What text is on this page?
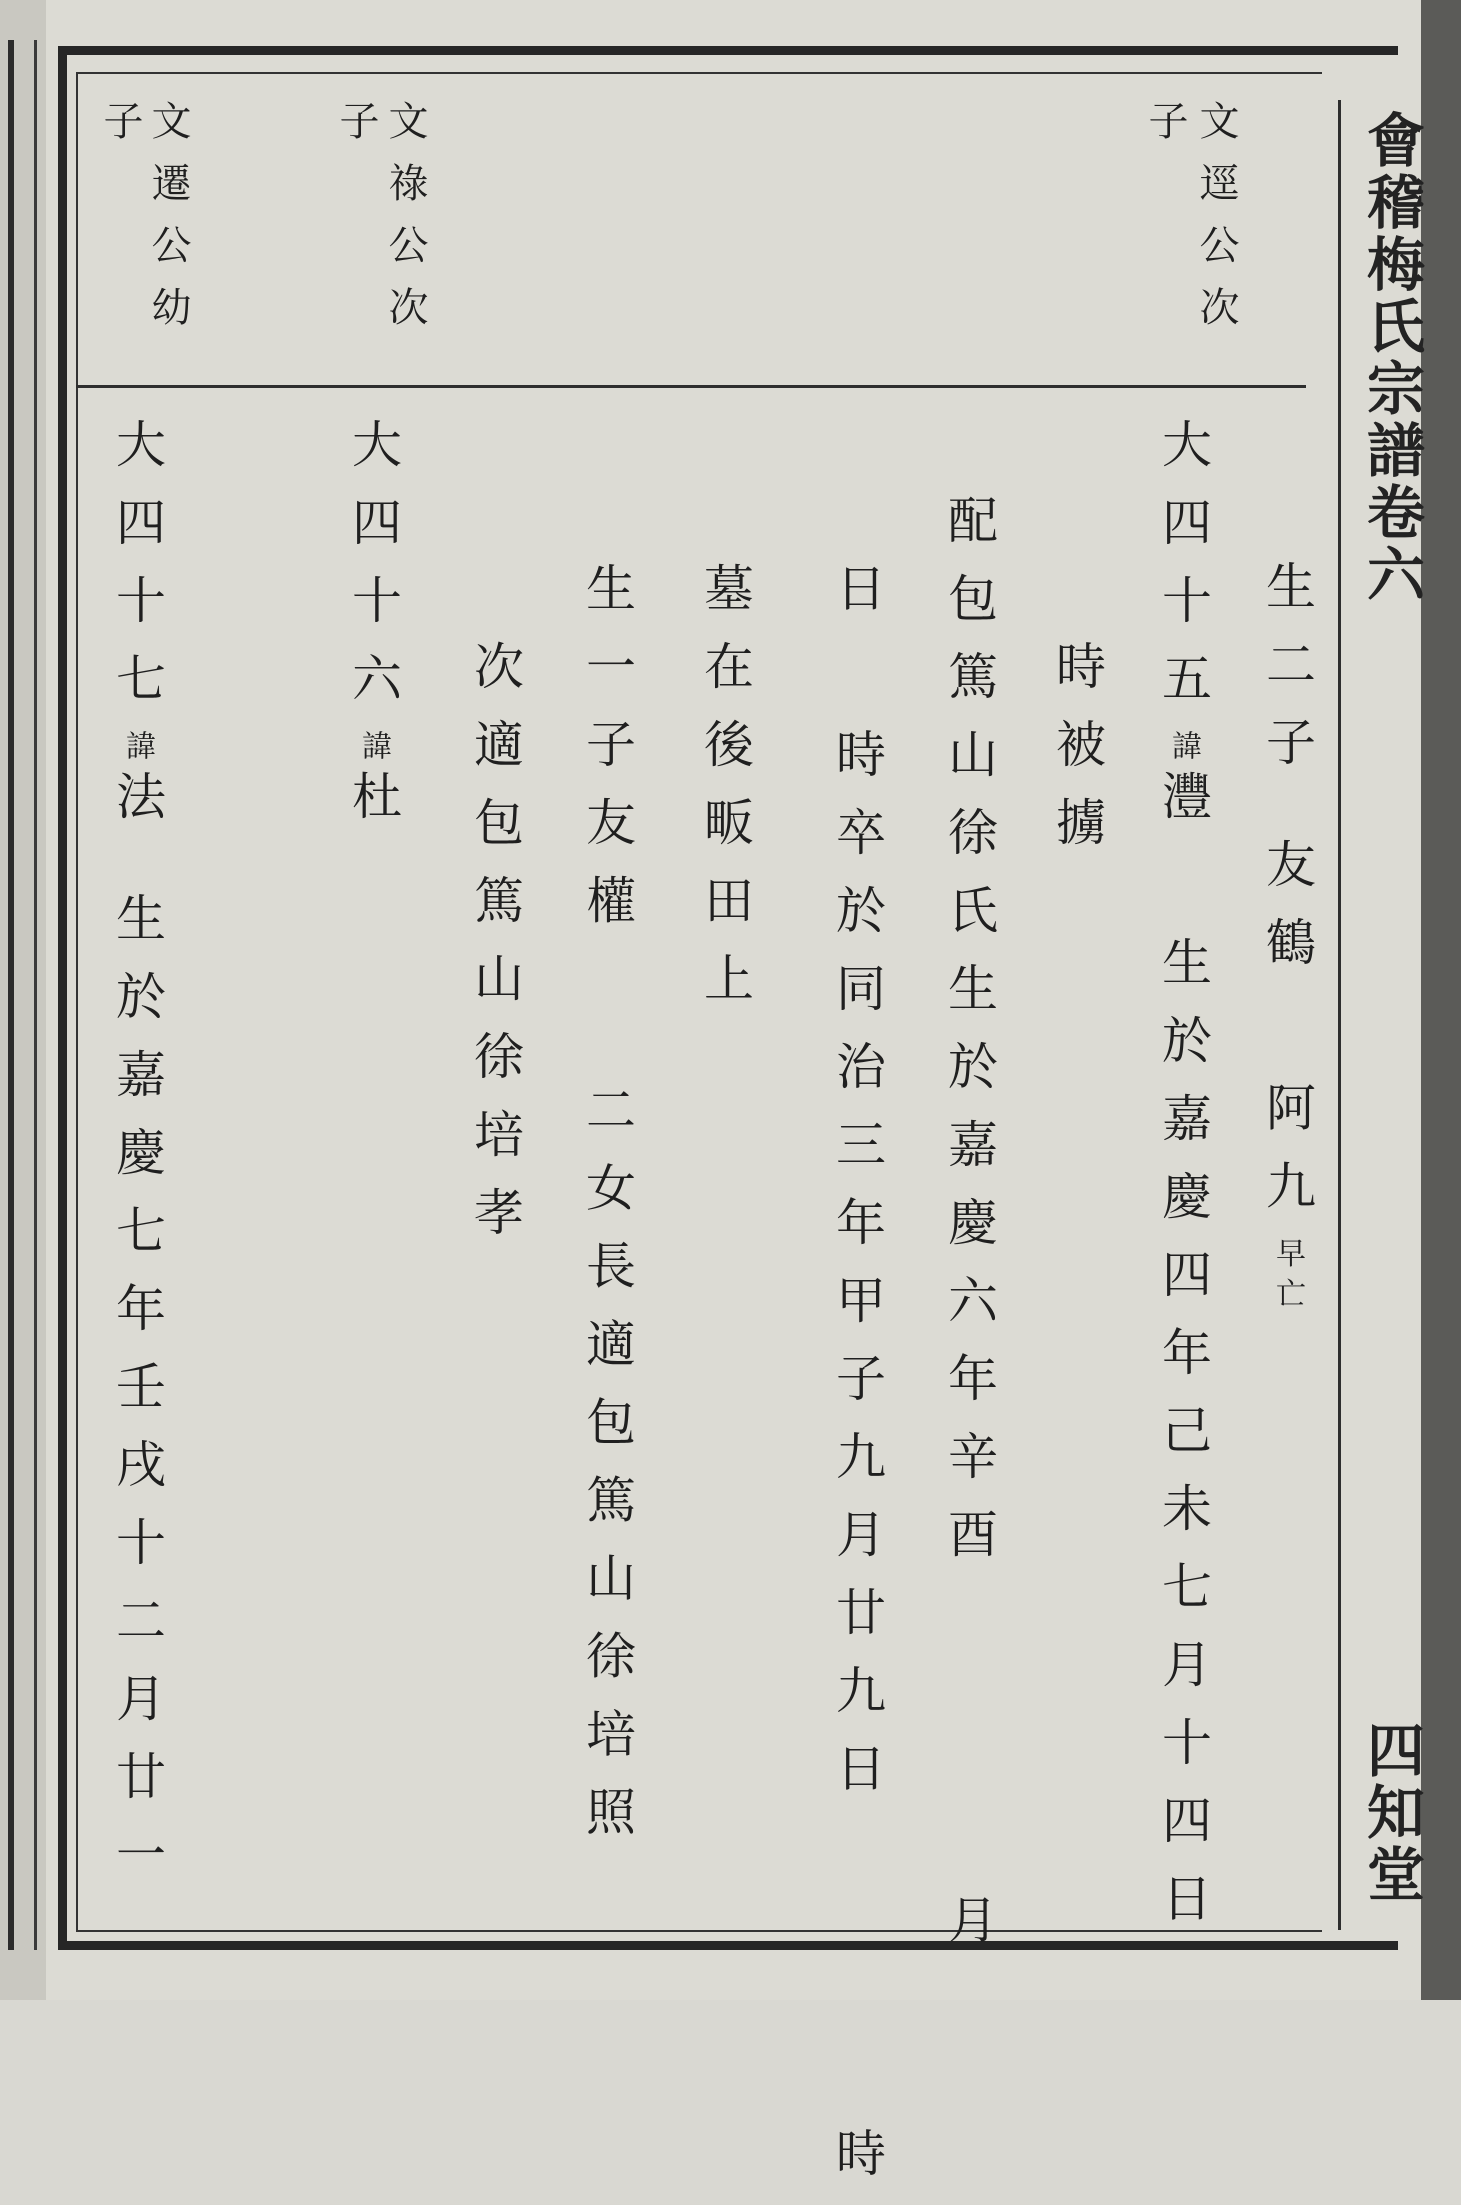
會稽梅氏宗譜卷六
四知堂
文逕公次
子
文祿公次
子
文遷公幼
子
生二子 友鶴  阿九早亡
大四十五諱灃  生於嘉慶四年己未七月十四日
時被擄
配包篤山徐氏生於嘉慶六年辛酉       月
日  時卒於同治三年甲子九月廿九日       時
墓在後畈田上
生一子友權   二女長適包篤山徐培照
次適包篤山徐培孝
大四十六諱杜
大四十七諱法 生於嘉慶七年壬戌十二月廿一
